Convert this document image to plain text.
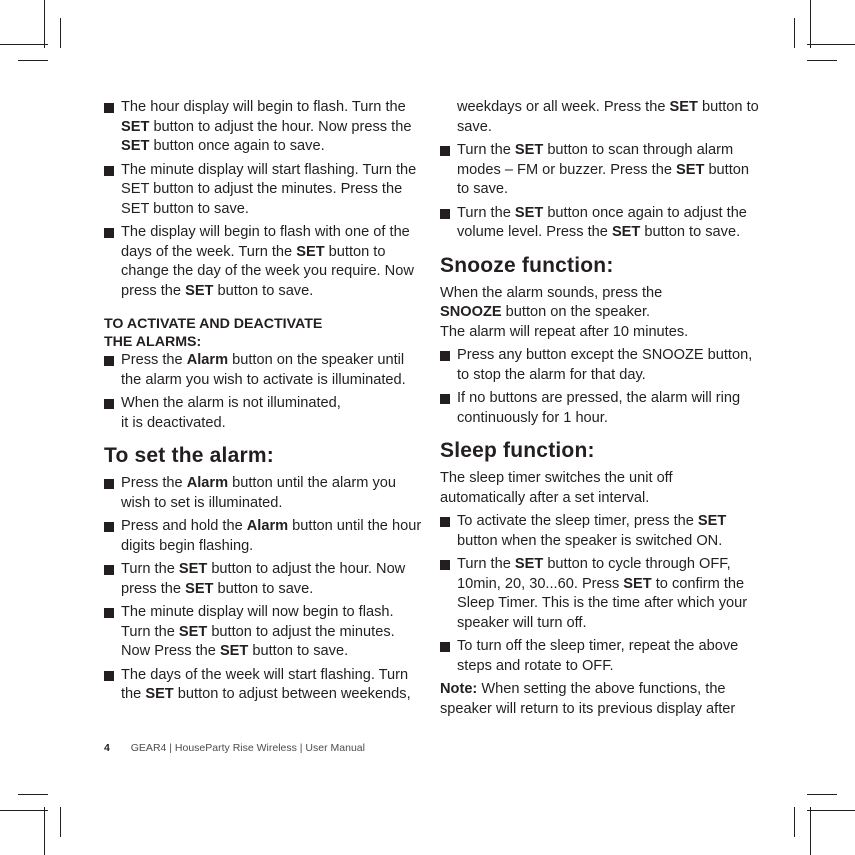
The hour display will begin to flash. Turn the SET button to adjust the hour. Now press the SET button once again to save.
The minute display will start flashing. Turn the SET button to adjust the minutes. Press the SET button to save.
The display will begin to flash with one of the days of the week. Turn the SET button to change the day of the week you require. Now press the SET button to save.
TO ACTIVATE AND DEACTIVATE
THE ALARMS:
Press the Alarm button on the speaker until the alarm you wish to activate is illuminated.
When the alarm is not illuminated,
it is deactivated.
To set the alarm:
Press the Alarm button until the alarm you wish to set is illuminated.
Press and hold the Alarm button until the hour digits begin flashing.
Turn the SET button to adjust the hour. Now press the SET button to save.
The minute display will now begin to flash. Turn the SET button to adjust the minutes. Now Press the SET button to save.
The days of the week will start flashing. Turn the SET button to adjust between weekends,
weekdays or all week. Press the SET button to save.
Turn the SET button to scan through alarm modes – FM or buzzer. Press the SET button to save.
Turn the SET button once again to adjust the volume level. Press the SET button to save.
Snooze function:
When the alarm sounds, press the
SNOOZE button on the speaker.
The alarm will repeat after 10 minutes.
Press any button except the SNOOZE button, to stop the alarm for that day.
If no buttons are pressed, the alarm will ring continuously for 1 hour.
Sleep function:
The sleep timer switches the unit off automatically after a set interval.
To activate the sleep timer, press the SET button when the speaker is switched ON.
Turn the SET button to cycle through OFF, 10min, 20, 30...60. Press SET to confirm the Sleep Timer. This is the time after which your speaker will turn off.
To turn off the sleep timer, repeat the above steps and rotate to OFF.
Note: When setting the above functions, the speaker will return to its previous display after
4 GEAR4 | HouseParty Rise Wireless | User Manual
